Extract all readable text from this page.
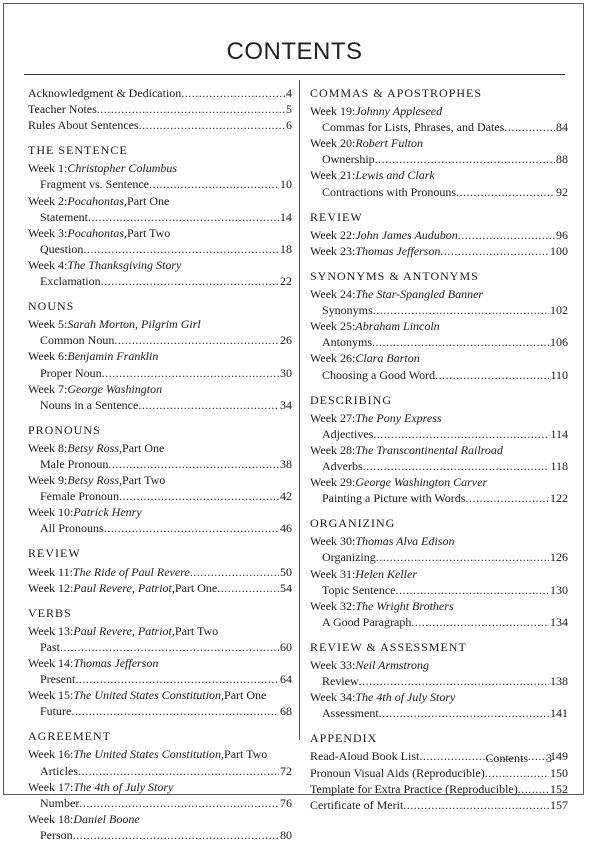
CONTENTS
Acknowledgment & Dedication .....	4
Teacher Notes .....	5
Rules About Sentences .....	6
THE SENTENCE
Week 1: Christopher Columbus
Fragment vs. Sentence .....	10
Week 2: Pocahontas, Part One
Statement .....	14
Week 3: Pocahontas, Part Two
Question .....	18
Week 4: The Thanksgiving Story
Exclamation .....	22
NOUNS
Week 5: Sarah Morton, Pilgrim Girl
Common Noun .....	26
Week 6: Benjamin Franklin
Proper Noun .....	30
Week 7: George Washington
Nouns in a Sentence .....	34
PRONOUNS
Week 8: Betsy Ross, Part One
Male Pronoun .....	38
Week 9: Betsy Ross, Part Two
Female Pronoun .....	42
Week 10: Patrick Henry
All Pronouns .....	46
REVIEW
Week 11: The Ride of Paul Revere .....	50
Week 12: Paul Revere, Patriot, Part One .....	54
VERBS
Week 13: Paul Revere, Patriot, Part Two
Past .....	60
Week 14: Thomas Jefferson
Present .....	64
Week 15: The United States Constitution, Part One
Future .....	68
AGREEMENT
Week 16: The United States Constitution, Part Two
Articles .....	72
Week 17: The 4th of July Story
Number .....	76
Week 18: Daniel Boone
Person .....	80
COMMAS & APOSTROPHES
Week 19: Johnny Appleseed
Commas for Lists, Phrases, and Dates .....	84
Week 20: Robert Fulton
Ownership .....	88
Week 21: Lewis and Clark
Contractions with Pronouns .....	92
REVIEW
Week 22: John James Audubon .....	96
Week 23: Thomas Jefferson .....	100
SYNONYMS & ANTONYMS
Week 24: The Star-Spangled Banner
Synonyms .....	102
Week 25: Abraham Lincoln
Antonyms .....	106
Week 26: Clara Barton
Choosing a Good Word .....	110
DESCRIBING
Week 27: The Pony Express
Adjectives .....	114
Week 28: The Transcontinental Railroad
Adverbs .....	118
Week 29: George Washington Carver
Painting a Picture with Words .....	122
ORGANIZING
Week 30: Thomas Alva Edison
Organizing .....	126
Week 31: Helen Keller
Topic Sentence .....	130
Week 32: The Wright Brothers
A Good Paragraph .....	134
REVIEW & ASSESSMENT
Week 33: Neil Armstrong
Review .....	138
Week 34: The 4th of July Story
Assessment .....	141
APPENDIX
Read-Aloud Book List .....	149
Pronoun Visual Aids (Reproducible) .....	150
Template for Extra Practice (Reproducible) .....	152
Certificate of Merit .....	157
Contents 3
